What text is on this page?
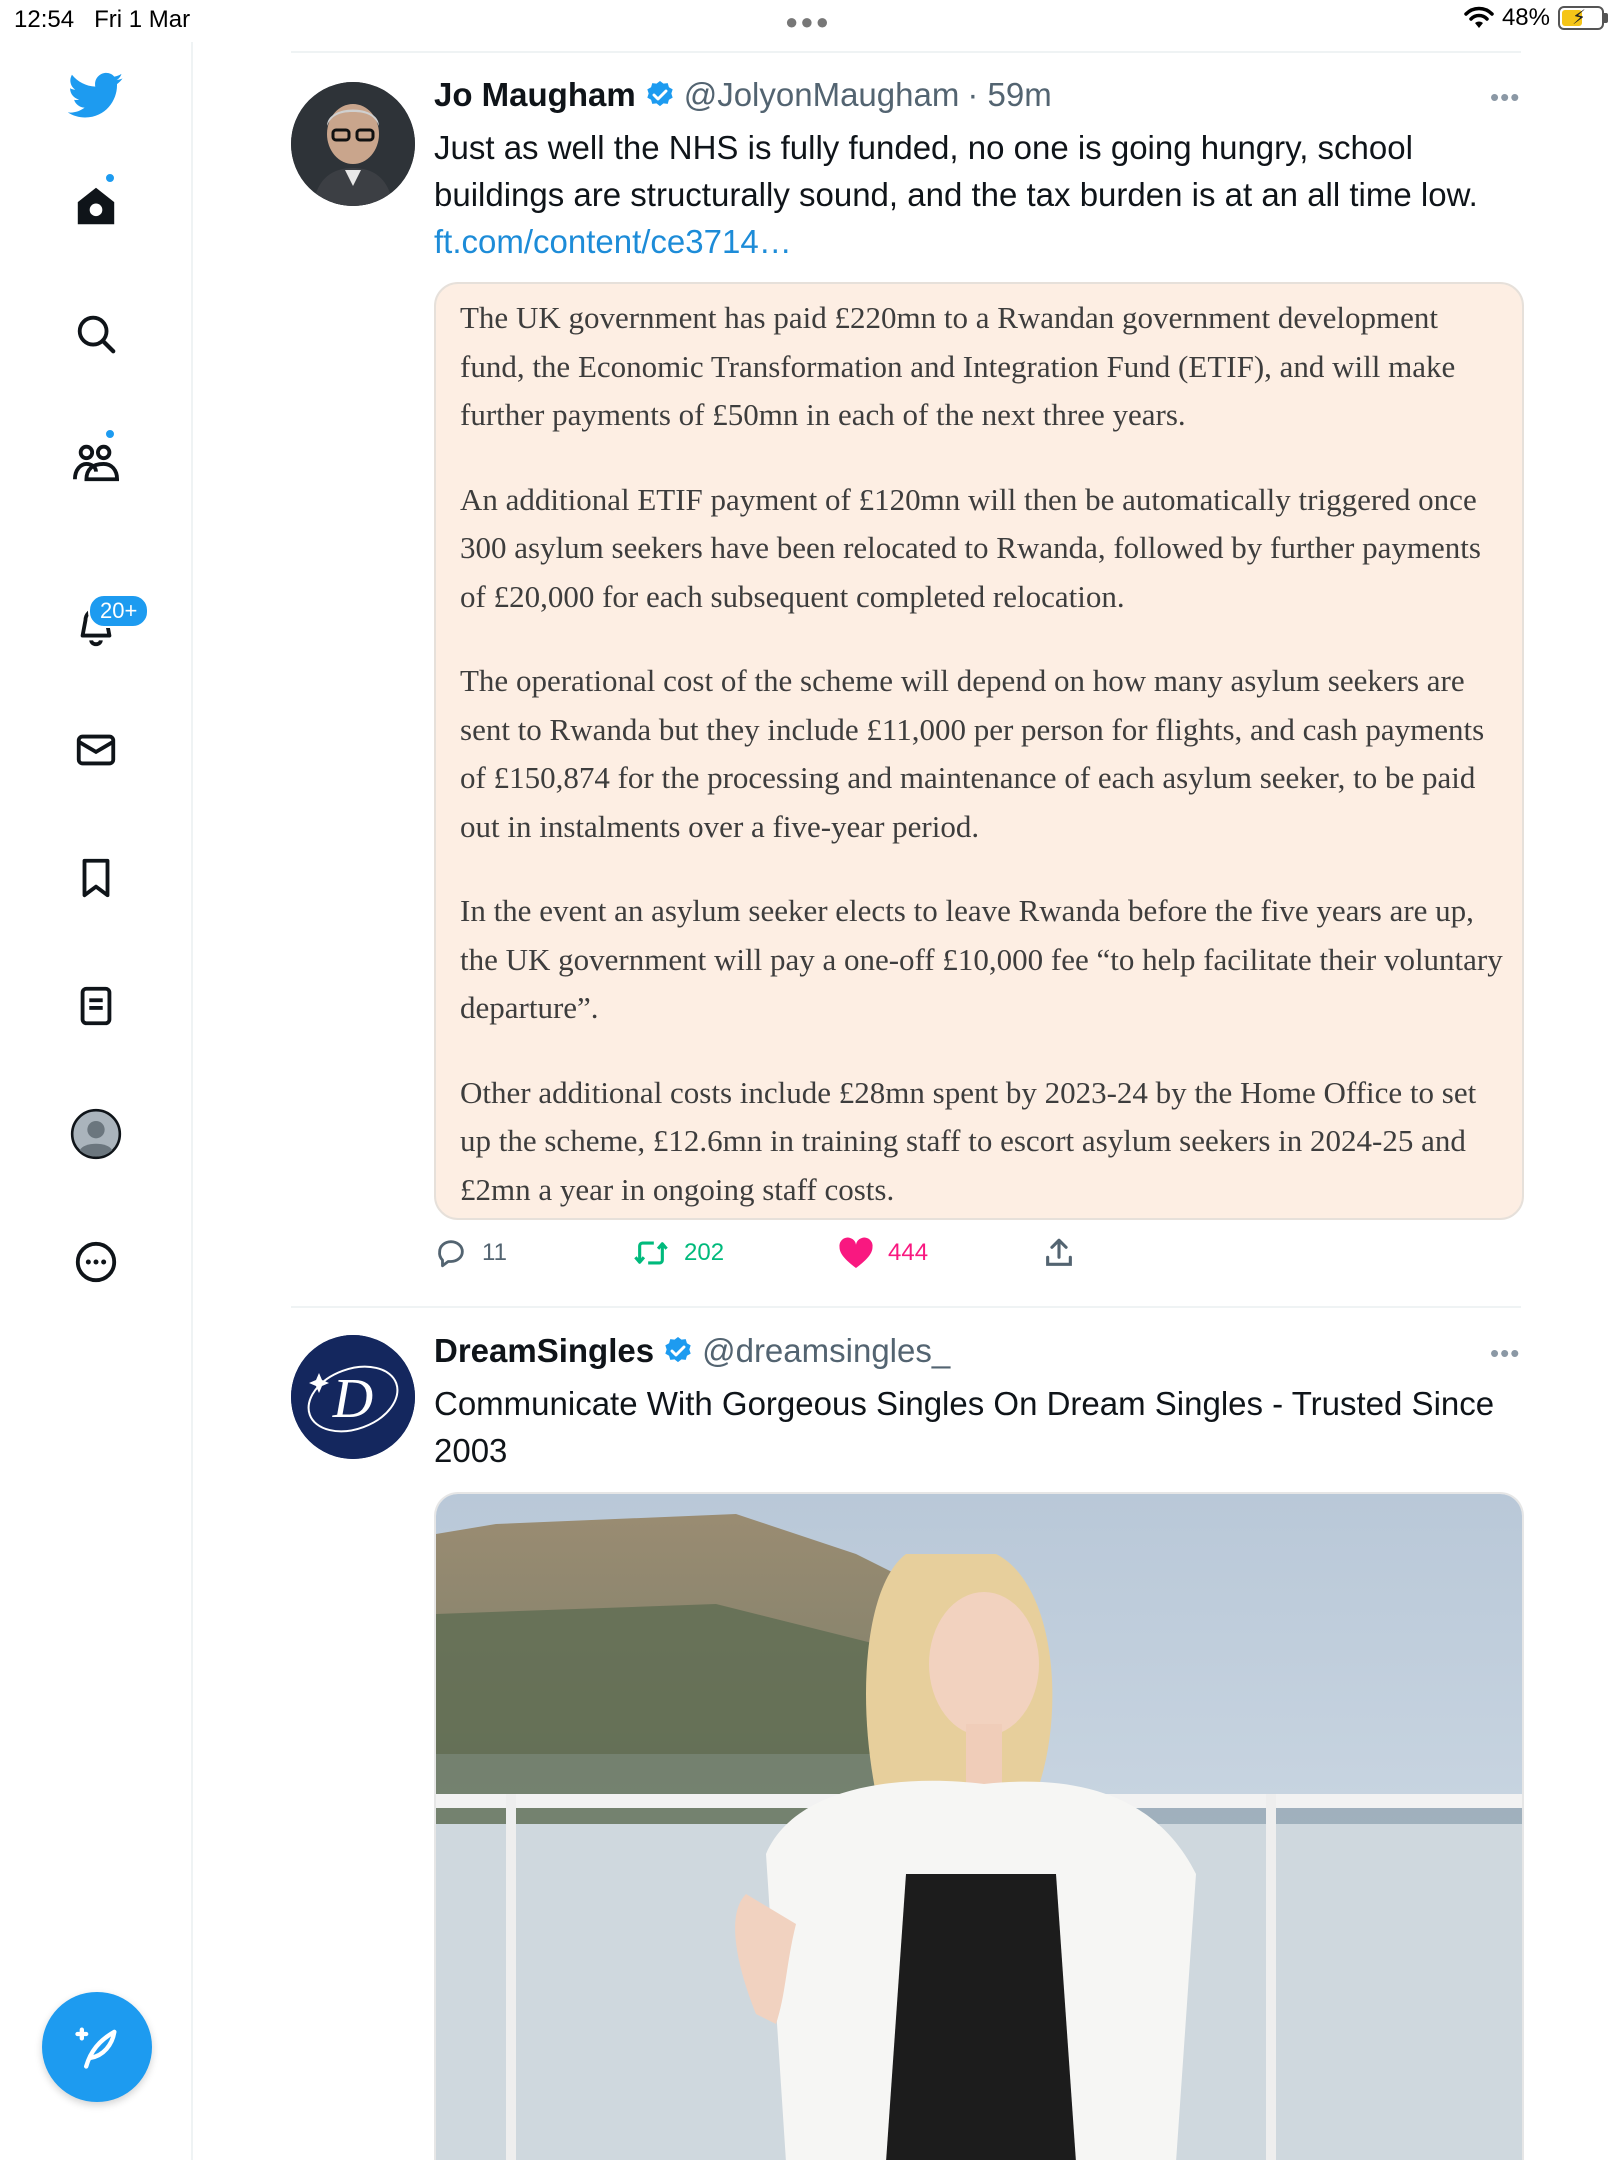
12:54 Fri 1 Mar	●●●	48% ⚡
20+
Jo Maugham @JolyonMaugham · 59m	•••
Just as well the NHS is fully funded, no one is going hungry, school buildings are structurally sound, and the tax burden is at an all time low.
ft.com/content/ce3714…

The UK government has paid £220mn to a Rwandan government development fund, the Economic Transformation and Integration Fund (ETIF), and will make further payments of £50mn in each of the next three years.

An additional ETIF payment of £120mn will then be automatically triggered once 300 asylum seekers have been relocated to Rwanda, followed by further payments of £20,000 for each subsequent completed relocation.

The operational cost of the scheme will depend on how many asylum seekers are sent to Rwanda but they include £11,000 per person for flights, and cash payments of £150,874 for the processing and maintenance of each asylum seeker, to be paid out in instalments over a five-year period.

In the event an asylum seeker elects to leave Rwanda before the five years are up, the UK government will pay a one-off £10,000 fee “to help facilitate their voluntary departure”.

Other additional costs include £28mn spent by 2023-24 by the Home Office to set up the scheme, £12.6mn in training staff to escort asylum seekers in 2024-25 and £2mn a year in ongoing staff costs.

11	202	444
D
DreamSingles @dreamsingles_	•••
Communicate With Gorgeous Singles On Dream Singles - Trusted Since 2003
